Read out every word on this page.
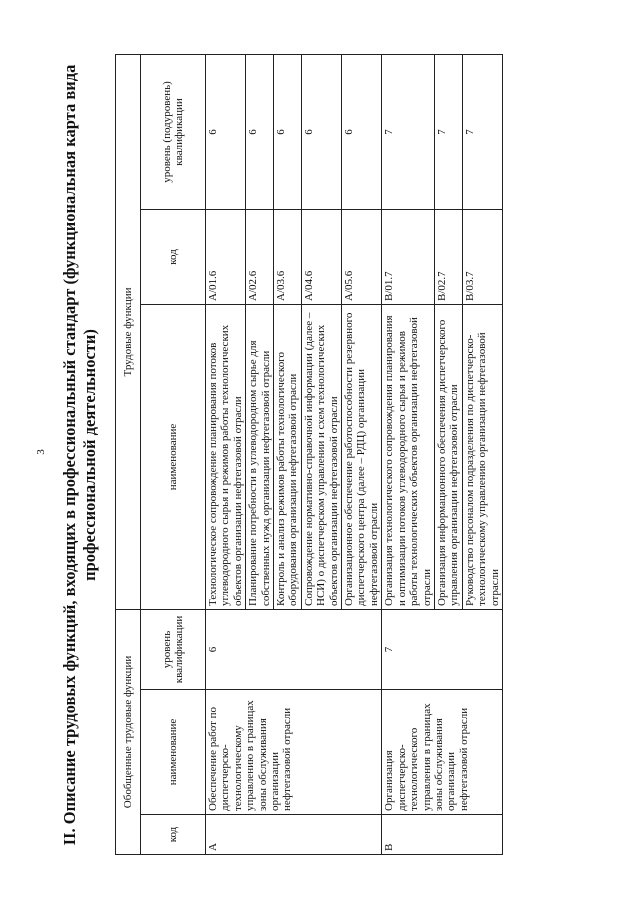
3 II. Описание трудовых функций, входящих в профессиональный стандарт (функциональная карта вида профессиональной деятельности)
Обобщенные трудовые функции			Трудовые функции		
код	наименование	уровень квалификации	наименование	код	уровень (подуровень) квалификации
А	Обеспечение работ по диспетчерско-технологическому управлению в границах зоны обслуживания организации нефтегазовой отрасли	6	Технологическое сопровождение планирования потоков углеводородного сырья и режимов работы технологических объектов организации нефтегазовой отрасли	A/01.6	6
			Планирование потребности в углеводородном сырье для собственных нужд организации нефтегазовой отрасли	A/02.6	6
			Контроль и анализ режимов работы технологического оборудования организации нефтегазовой отрасли	A/03.6	6
			Сопровождение нормативно-справочной информации (далее – НСИ) о диспетчерском управлении и схем технологических объектов организации нефтегазовой отрасли	A/04.6	6
			Организационное обеспечение работоспособности резервного диспетчерского центра (далее – РДЦ) организации нефтегазовой отрасли	A/05.6	6
В	Организация диспетчерско-технологического управления в границах зоны обслуживания организации нефтегазовой отрасли	7	Организация технологического сопровождения планирования и оптимизации потоков углеводородного сырья и режимов работы технологических объектов организации нефтегазовой отрасли	B/01.7	7
			Организация информационного обеспечения диспетчерского управления организации нефтегазовой отрасли	B/02.7	7
			Руководство персоналом подразделения по диспетчерско-технологическому управлению организации нефтегазовой отрасли	B/03.7	7
